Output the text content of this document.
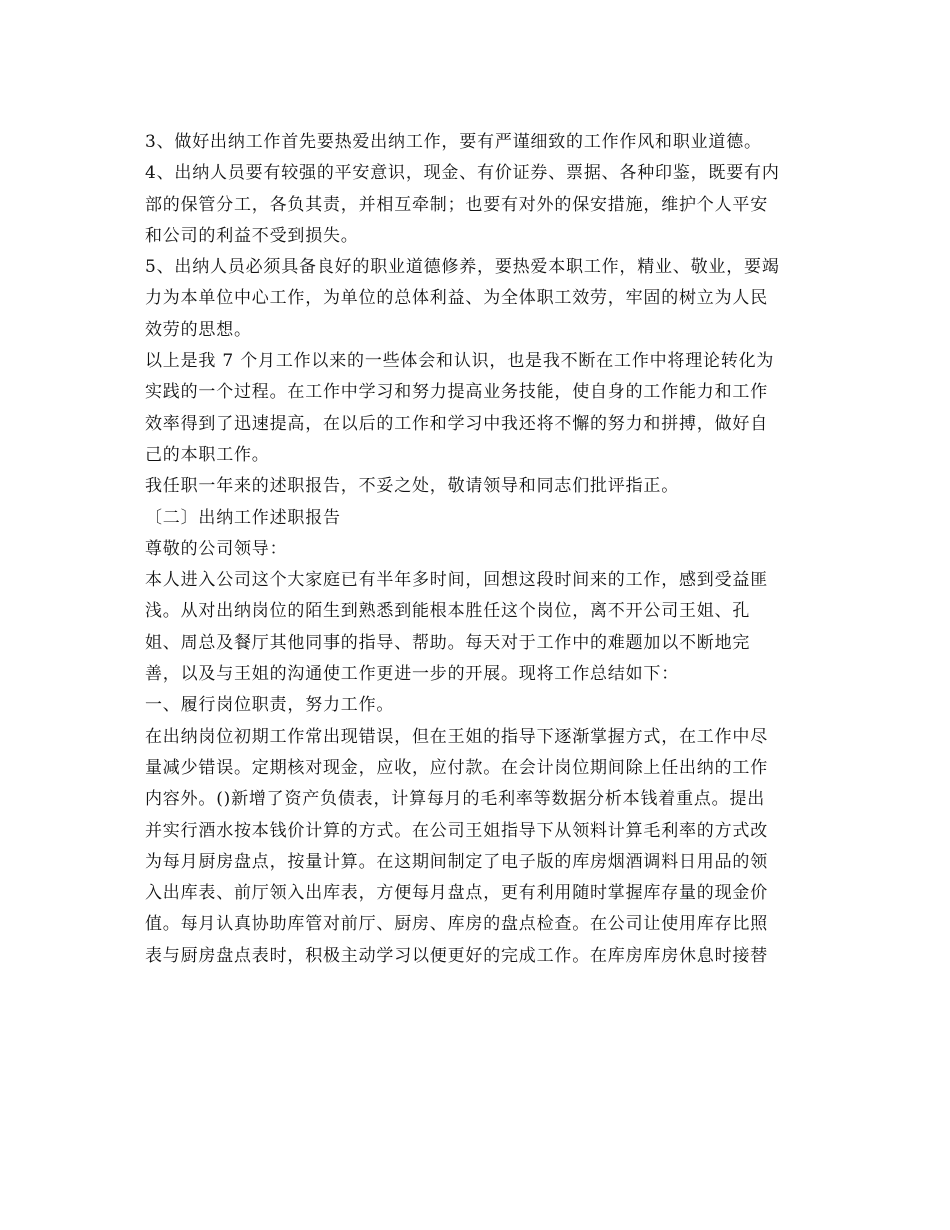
3、做好出纳工作首先要热爱出纳工作，要有严谨细致的工作作风和职业道德。
4、出纳人员要有较强的平安意识，现金、有价证券、票据、各种印鉴，既要有内
部的保管分工，各负其责，并相互牵制；也要有对外的保安措施，维护个人平安
和公司的利益不受到损失。
5、出纳人员必须具备良好的职业道德修养，要热爱本职工作，精业、敬业，要竭
力为本单位中心工作，为单位的总体利益、为全体职工效劳，牢固的树立为人民
效劳的思想。
以上是我 7 个月工作以来的一些体会和认识，也是我不断在工作中将理论转化为
实践的一个过程。在工作中学习和努力提高业务技能，使自身的工作能力和工作
效率得到了迅速提高，在以后的工作和学习中我还将不懈的努力和拼搏，做好自
己的本职工作。
我任职一年来的述职报告，不妥之处，敬请领导和同志们批评指正。
〔二〕出纳工作述职报告
尊敬的公司领导：
本人进入公司这个大家庭已有半年多时间，回想这段时间来的工作，感到受益匪
浅。从对出纳岗位的陌生到熟悉到能根本胜任这个岗位，离不开公司王姐、孔
姐、周总及餐厅其他同事的指导、帮助。每天对于工作中的难题加以不断地完
善，以及与王姐的沟通使工作更进一步的开展。现将工作总结如下：
一、履行岗位职责，努力工作。
在出纳岗位初期工作常出现错误，但在王姐的指导下逐渐掌握方式，在工作中尽
量减少错误。定期核对现金，应收，应付款。在会计岗位期间除上任出纳的工作
内容外。()新增了资产负债表，计算每月的毛利率等数据分析本钱着重点。提出
并实行酒水按本钱价计算的方式。在公司王姐指导下从领料计算毛利率的方式改
为每月厨房盘点，按量计算。在这期间制定了电子版的库房烟酒调料日用品的领
入出库表、前厅领入出库表，方便每月盘点，更有利用随时掌握库存量的现金价
值。每月认真协助库管对前厅、厨房、库房的盘点检查。在公司让使用库存比照
表与厨房盘点表时，积极主动学习以便更好的完成工作。在库房库房休息时接替
